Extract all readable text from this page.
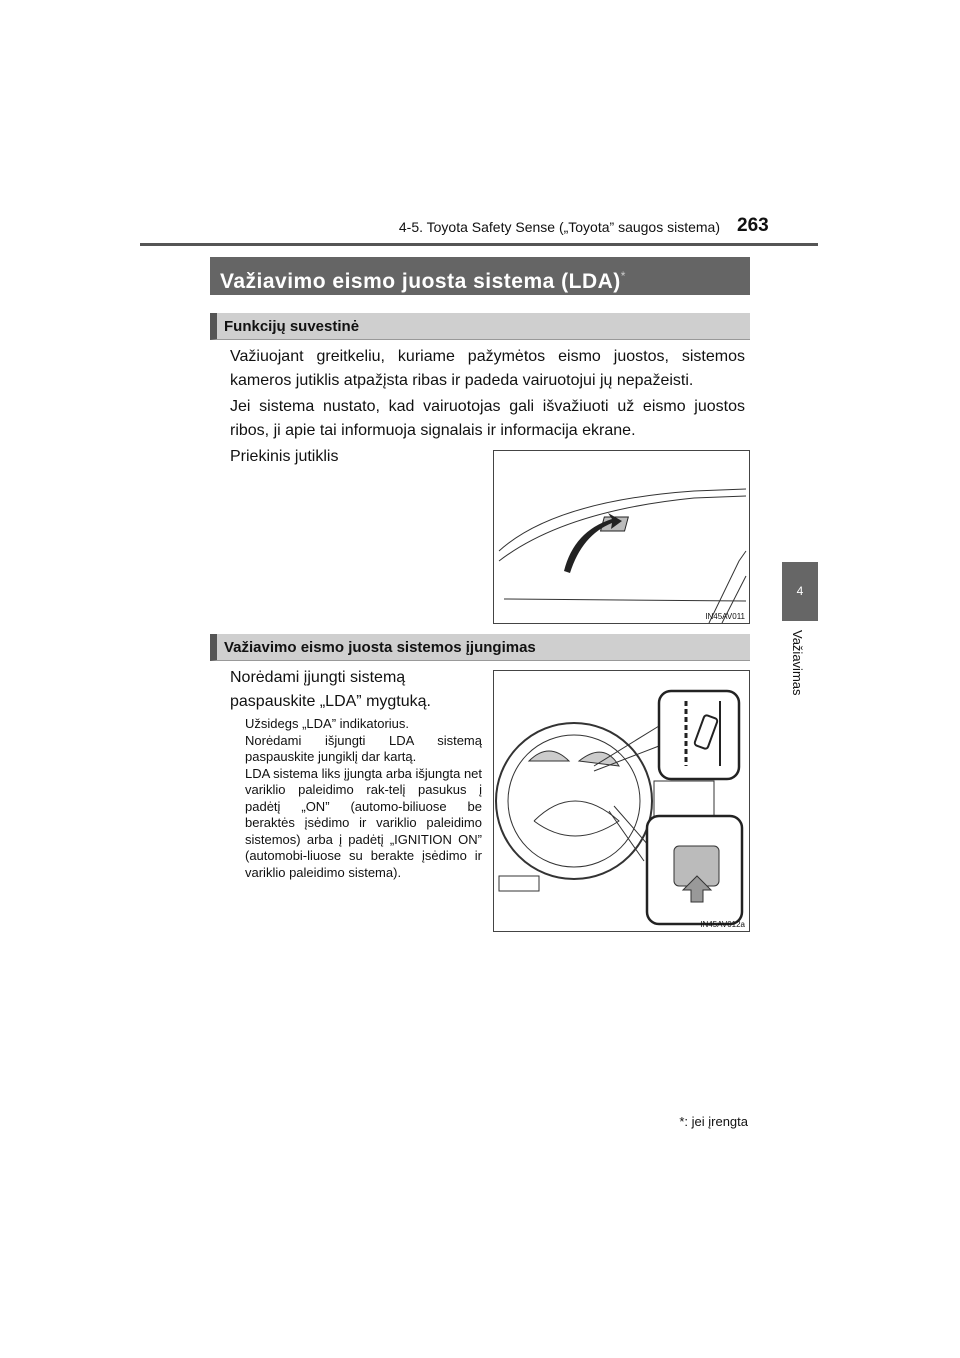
4-5. Toyota Safety Sense („Toyota” saugos sistema) 263
Važiavimo eismo juosta sistema (LDA)*
Funkcijų suvestinė
Važiuojant greitkeliu, kuriame pažymėtos eismo juostos, sistemos kameros jutiklis atpažįsta ribas ir padeda vairuotojui jų nepažeisti.
Jei sistema nustato, kad vairuotojas gali išvažiuoti už eismo juostos ribos, ji apie tai informuoja signalais ir informacija ekrane.
Priekinis jutiklis
IN45AV011
Važiavimo eismo juosta sistemos įjungimas
Norėdami įjungti sistemą paspauskite „LDA” mygtuką.
Užsidegs „LDA” indikatorius.
Norėdami išjungti LDA sistemą paspauskite jungiklį dar kartą.
LDA sistema liks įjungta arba išjungta net variklio paleidimo rak-telį pasukus į padėtį „ON” (automo-biliuose be beraktės įsėdimo ir variklio paleidimo sistemos) arba į padėtį „IGNITION ON” (automobi-liuose su berakte įsėdimo ir variklio paleidimo sistema).
IN45AV012a
4
Važiavimas
*: jei įrengta
